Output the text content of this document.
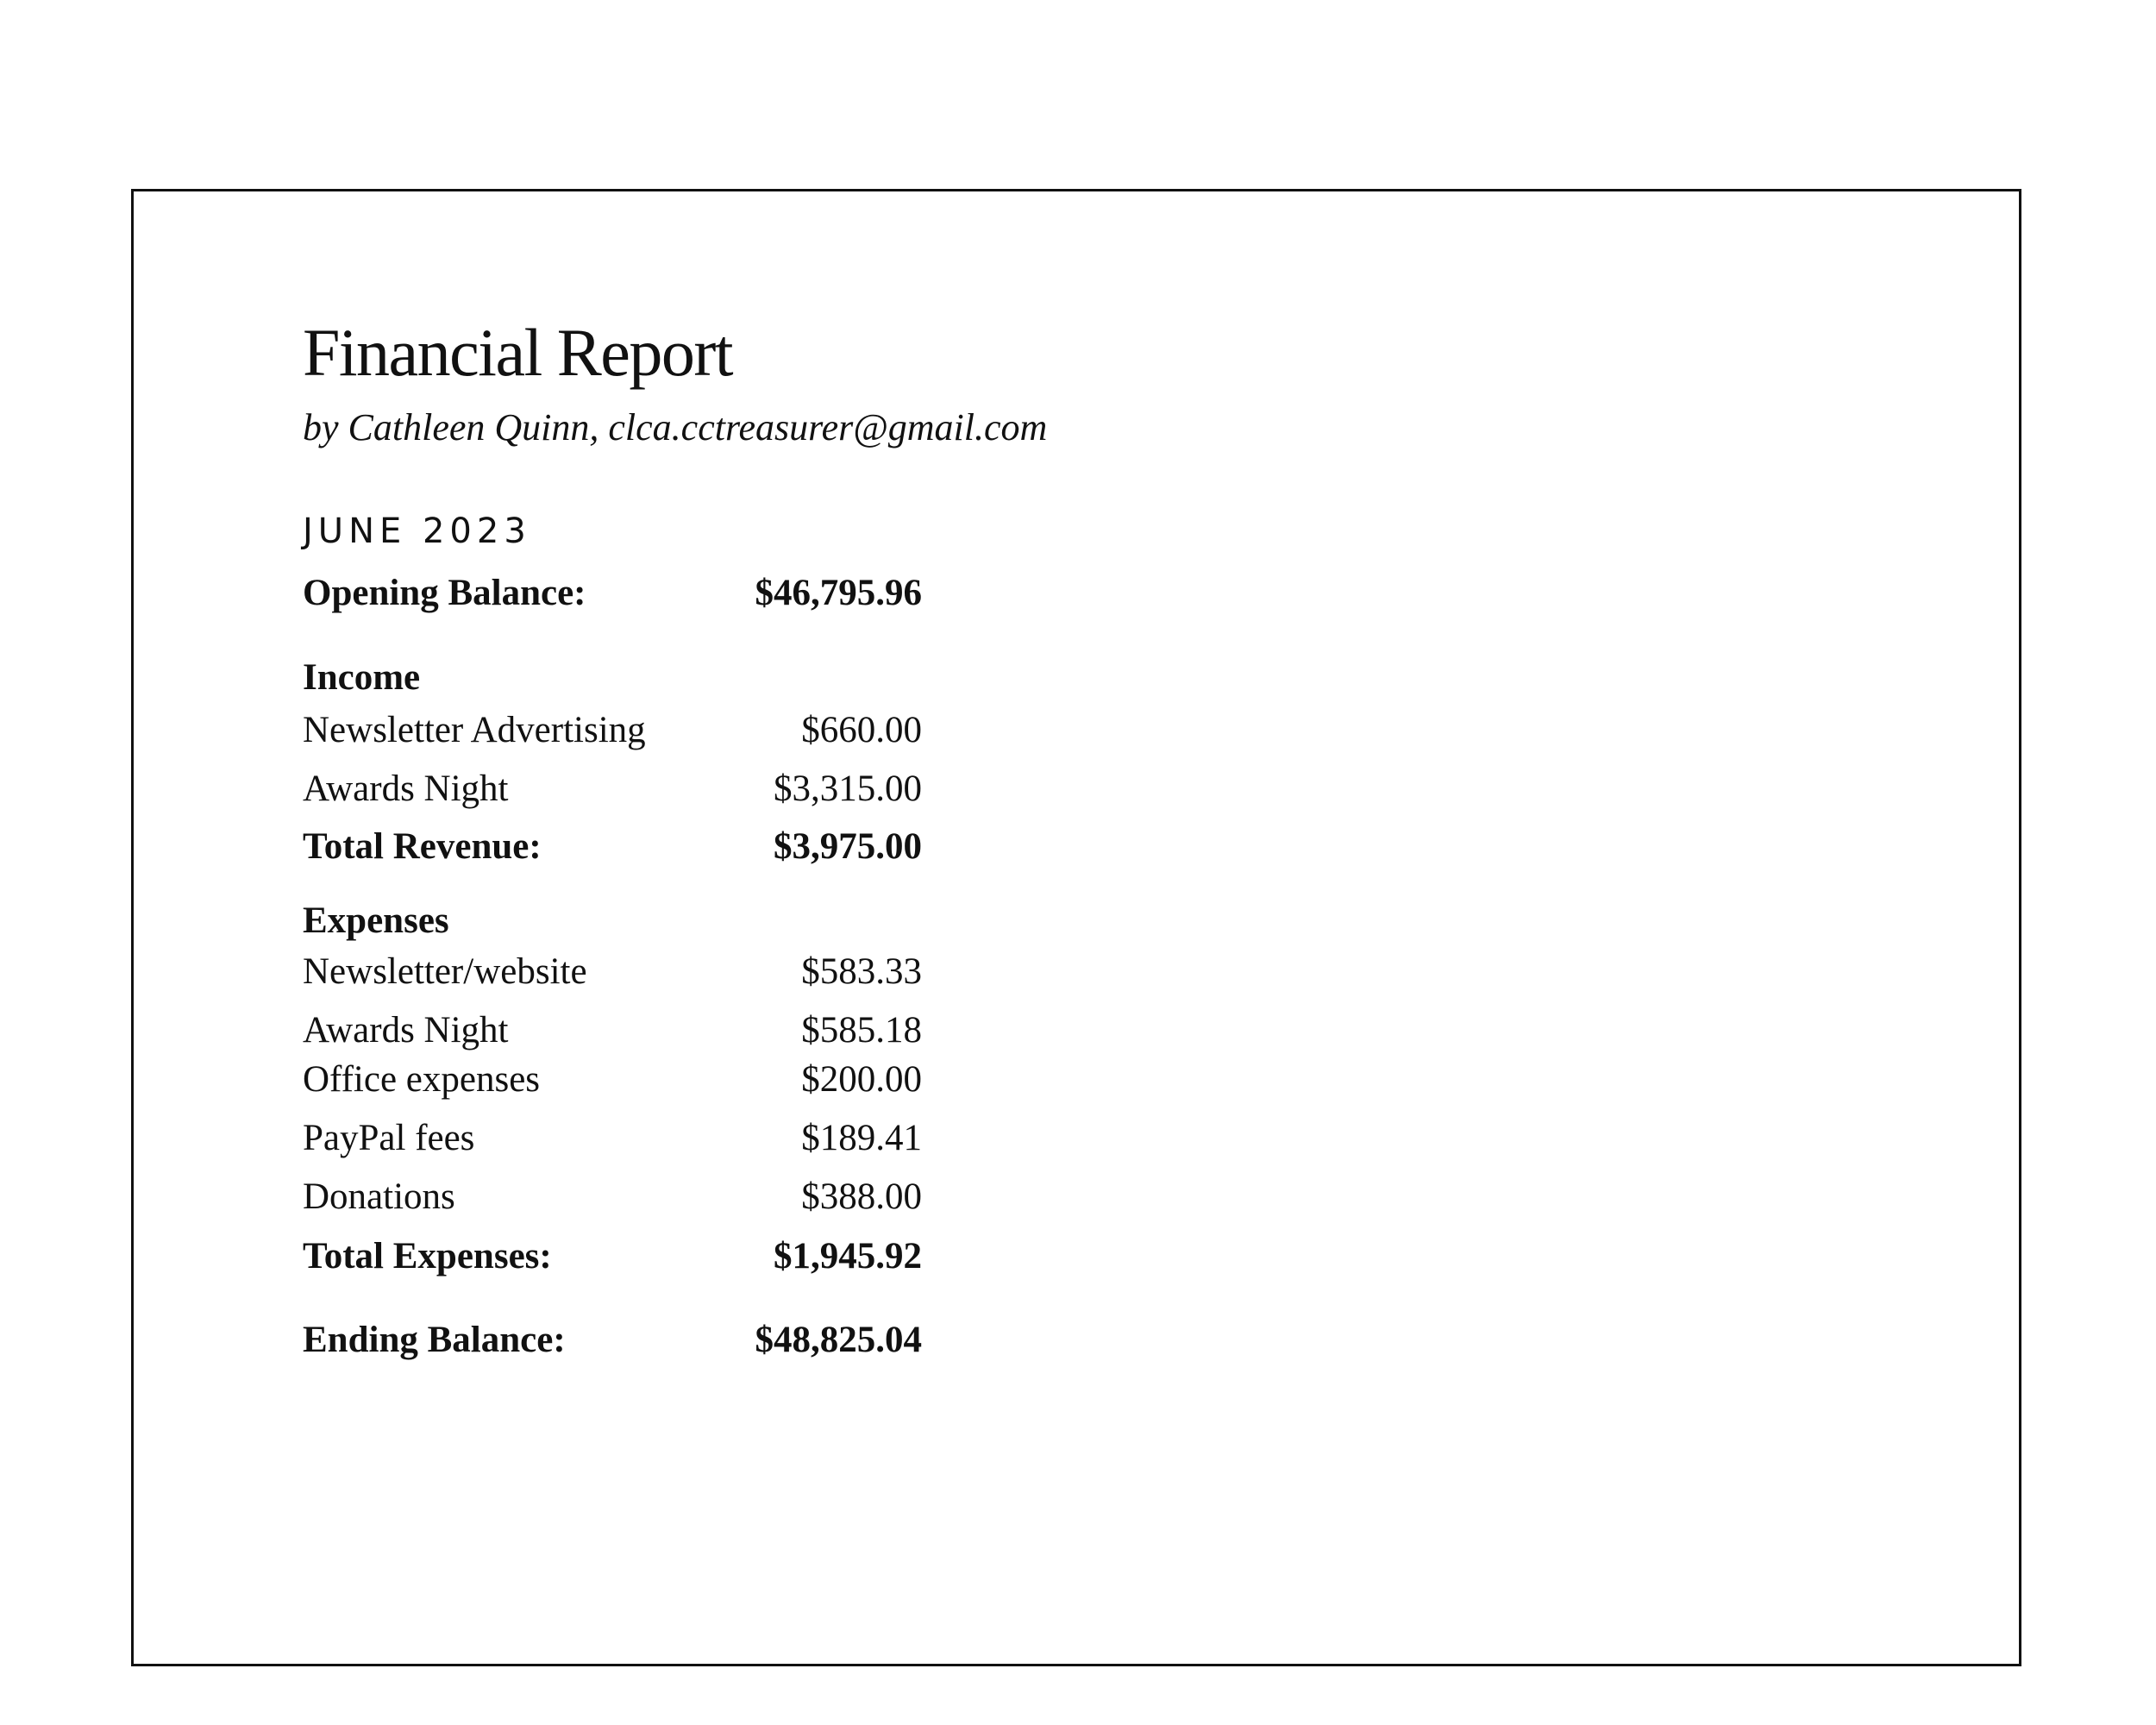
Financial Report
by Cathleen Quinn, clca.cctreasurer@gmail.com
JUNE 2023
Opening Balance:	$46,795.96
Income
Newsletter Advertising	$660.00
Awards Night	$3,315.00
Total Revenue:	$3,975.00
Expenses
Newsletter/website	$583.33
Awards Night	$585.18
Office expenses	$200.00
PayPal fees	$189.41
Donations	$388.00
Total Expenses:	$1,945.92
Ending Balance:	$48,825.04
